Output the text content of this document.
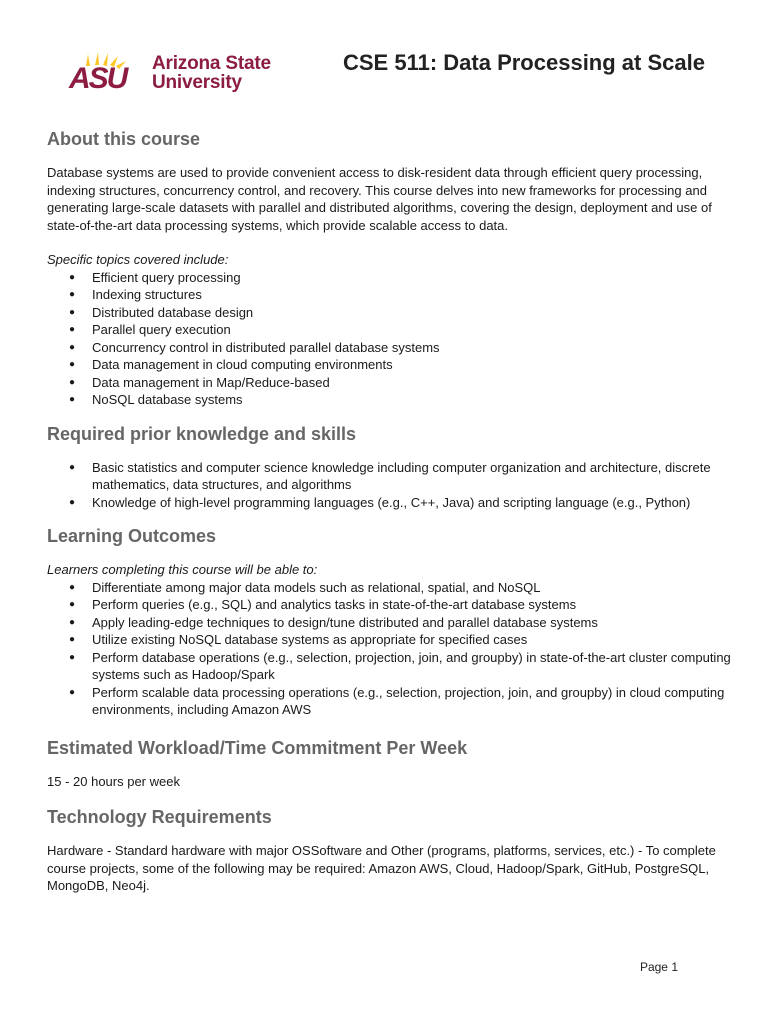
ASU Arizona State
University
CSE 511: Data Processing at Scale
About this course

Database systems are used to provide convenient access to disk-resident data through efficient query processing, indexing structures, concurrency control, and recovery. This course delves into new frameworks for processing and generating large-scale datasets with parallel and distributed algorithms, covering the design, deployment and use of state-of-the-art data processing systems, which provide scalable access to data.

Specific topics covered include:

● Efficient query processing
● Indexing structures
● Distributed database design
● Parallel query execution
● Concurrency control in distributed parallel database systems
● Data management in cloud computing environments
● Data management in Map/Reduce-based
● NoSQL database systems
Required prior knowledge and skills
● Basic statistics and computer science knowledge including computer organization and architecture, discrete mathematics, data structures, and algorithms
● Knowledge of high-level programming languages (e.g., C++, Java) and scripting language (e.g., Python)
Learning Outcomes

Learners completing this course will be able to:

● Differentiate among major data models such as relational, spatial, and NoSQL
● Perform queries (e.g., SQL) and analytics tasks in state-of-the-art database systems
● Apply leading-edge techniques to design/tune distributed and parallel database systems
● Utilize existing NoSQL database systems as appropriate for specified cases
● Perform database operations (e.g., selection, projection, join, and groupby) in state-of-the-art cluster computing systems such as Hadoop/Spark
● Perform scalable data processing operations (e.g., selection, projection, join, and groupby) in cloud computing environments, including Amazon AWS
Estimated Workload/Time Commitment Per Week

15 - 20 hours per week

Technology Requirements

Hardware - Standard hardware with major OSSoftware and Other (programs, platforms, services, etc.) - To complete course projects, some of the following may be required: Amazon AWS, Cloud, Hadoop/Spark, GitHub, PostgreSQL, MongoDB, Neo4j.

Page 1
